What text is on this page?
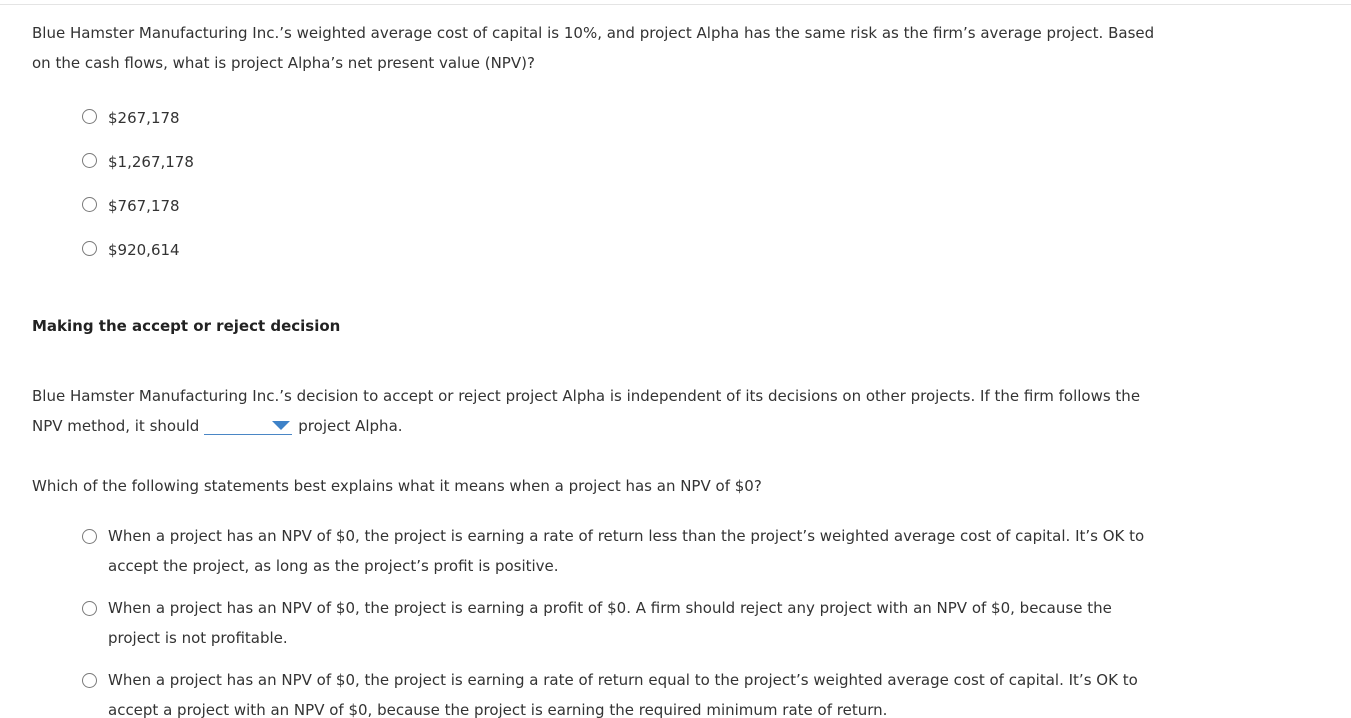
Blue Hamster Manufacturing Inc.’s weighted average cost of capital is 10%, and project Alpha has the same risk as the firm’s average project. Based
on the cash flows, what is project Alpha’s net present value (NPV)?

$267,178
$1,267,178
$767,178
$920,614
Making the accept or reject decision

Blue Hamster Manufacturing Inc.’s decision to accept or reject project Alpha is independent of its decisions on other projects. If the firm follows the
NPV method, it should	project Alpha.

Which of the following statements best explains what it means when a project has an NPV of $0?

When a project has an NPV of $0, the project is earning a rate of return less than the project’s weighted average cost of capital. It’s OK to
accept the project, as long as the project’s profit is positive.
When a project has an NPV of $0, the project is earning a profit of $0. A firm should reject any project with an NPV of $0, because the
project is not profitable.
When a project has an NPV of $0, the project is earning a rate of return equal to the project’s weighted average cost of capital. It’s OK to
accept a project with an NPV of $0, because the project is earning the required minimum rate of return.
